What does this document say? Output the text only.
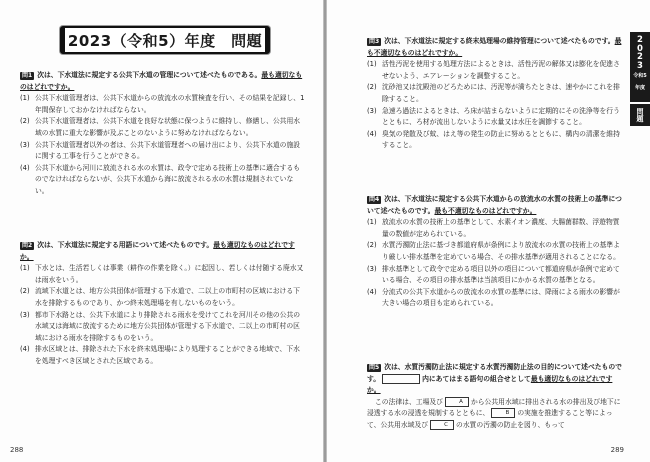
2023（令和5）年度　問題

問1 次は、下水道法に規定する公共下水道の管理について述べたものである。最も適切なものはどれですか。

(1) 公共下水道管理者は、公共下水道からの放流水の水質検査を行い、その結果を記録し、1年間保存しておかなければならない。
(2) 公共下水道管理者は、公共下水道を良好な状態に保つように維持し、修繕し、公共用水域の水質に重大な影響が及ぶことのないように努めなければならない。
(3) 公共下水道管理者以外の者は、公共下水道管理者への届け出により、公共下水道の施設に関する工事を行うことができる。
(4) 公共下水道から河川に放流される水の水質は、政令で定める技術上の基準に適合するものでなければならないが、公共下水道から海に放流される水の水質は規制されていない。

問2 次は、下水道法に規定する用語について述べたものです。最も適切なものはどれですか。

(1) 下水とは、生活若しくは事業（耕作の作業を除く。）に起因し、若しくは付随する廃水又は雨水をいう。
(2) 流域下水道とは、地方公共団体が管理する下水道で、二以上の市町村の区域における下水を排除するものであり、かつ終末処理場を有しないものをいう。
(3) 都市下水路とは、公共下水道により排除される雨水を受けてこれを河川その他の公共の水域又は海域に放流するために地方公共団体が管理する下水道で、二以上の市町村の区域における雨水を排除するものをいう。
(4) 排水区域とは、排除された下水を終末処理場により処理することができる地域で、下水を処理すべき区域とされた区域である。
288

問3 次は、下水道法に規定する終末処理場の維持管理について述べたものです。最も不適切なものはどれですか。

(1) 活性汚泥を使用する処理方法によるときは、活性汚泥の解体又は膨化を促進させないよう、エアレーションを調整すること。
(2) 沈砂池又は沈殿池のどろためには、汚泥等が満ちたときは、速やかにこれを排除すること。
(3) 急速ろ過法によるときは、ろ床が詰まらないように定期的にその洗浄等を行うとともに、ろ材が流出しないように水量又は水圧を調節すること。
(4) 臭気の発散及び蚊、はえ等の発生の防止に努めるとともに、構内の清潔を維持すること。

問4 次は、下水道法に規定する公共下水道からの放流水の水質の技術上の基準について述べたものです。最も不適切なものはどれですか。

(1) 放流水の水質の技術上の基準として、水素イオン濃度、大腸菌群数、浮遊物質量の数値が定められている。
(2) 水質汚濁防止法に基づき都道府県が条例により放流水の水質の技術上の基準より厳しい排水基準を定めている場合、その排水基準が適用されることになる。
(3) 排水基準として政令で定める項目以外の項目について都道府県が条例で定めている場合、その項目の排水基準は当該項目にかかる水質の基準となる。
(4) 分流式の公共下水道からの放流水の水質の基準には、降雨による雨水の影響が大きい場合の項目も定められている。

問5 次は、水質汚濁防止法に規定する水質汚濁防止法の目的について述べたものです。	内にあてはまる語句の組合せとして最も適切なものはどれですか。

この法律は、工場及び	A から公共用水域に排出される水の排出及び地下に浸透する水の浸透を規制するとともに、	B の実施を推進すること等によって、公共用水域及び	C の水質の汚濁の防止を図り、もって

2
0
2
3
令和5
年度
問題
289
